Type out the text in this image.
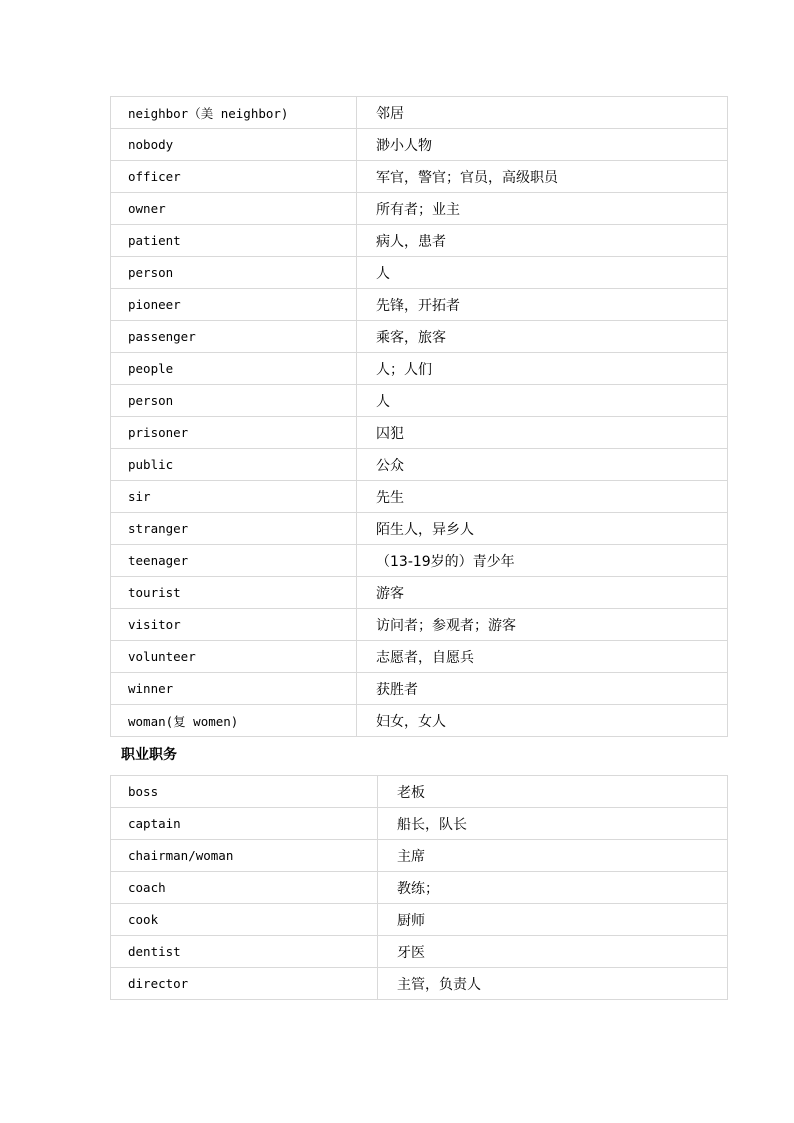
neighbor（美 neighbor)	邻居
nobody	渺小人物
officer	军官，警官；官员，高级职员
owner	所有者；业主
patient	病人，患者
person	人
pioneer	先锋，开拓者
passenger	乘客，旅客
people	人；人们
person	人
prisoner	囚犯
public	公众
sir	先生
stranger	陌生人，异乡人
teenager	（13-19岁的）青少年
tourist	游客
visitor	访问者；参观者；游客
volunteer	志愿者，自愿兵
winner	获胜者
woman(复 women)	妇女，女人
职业职务
boss	老板
captain	船长，队长
chairman/woman	主席
coach	教练；
cook	厨师
dentist	牙医
director	主管，负责人
